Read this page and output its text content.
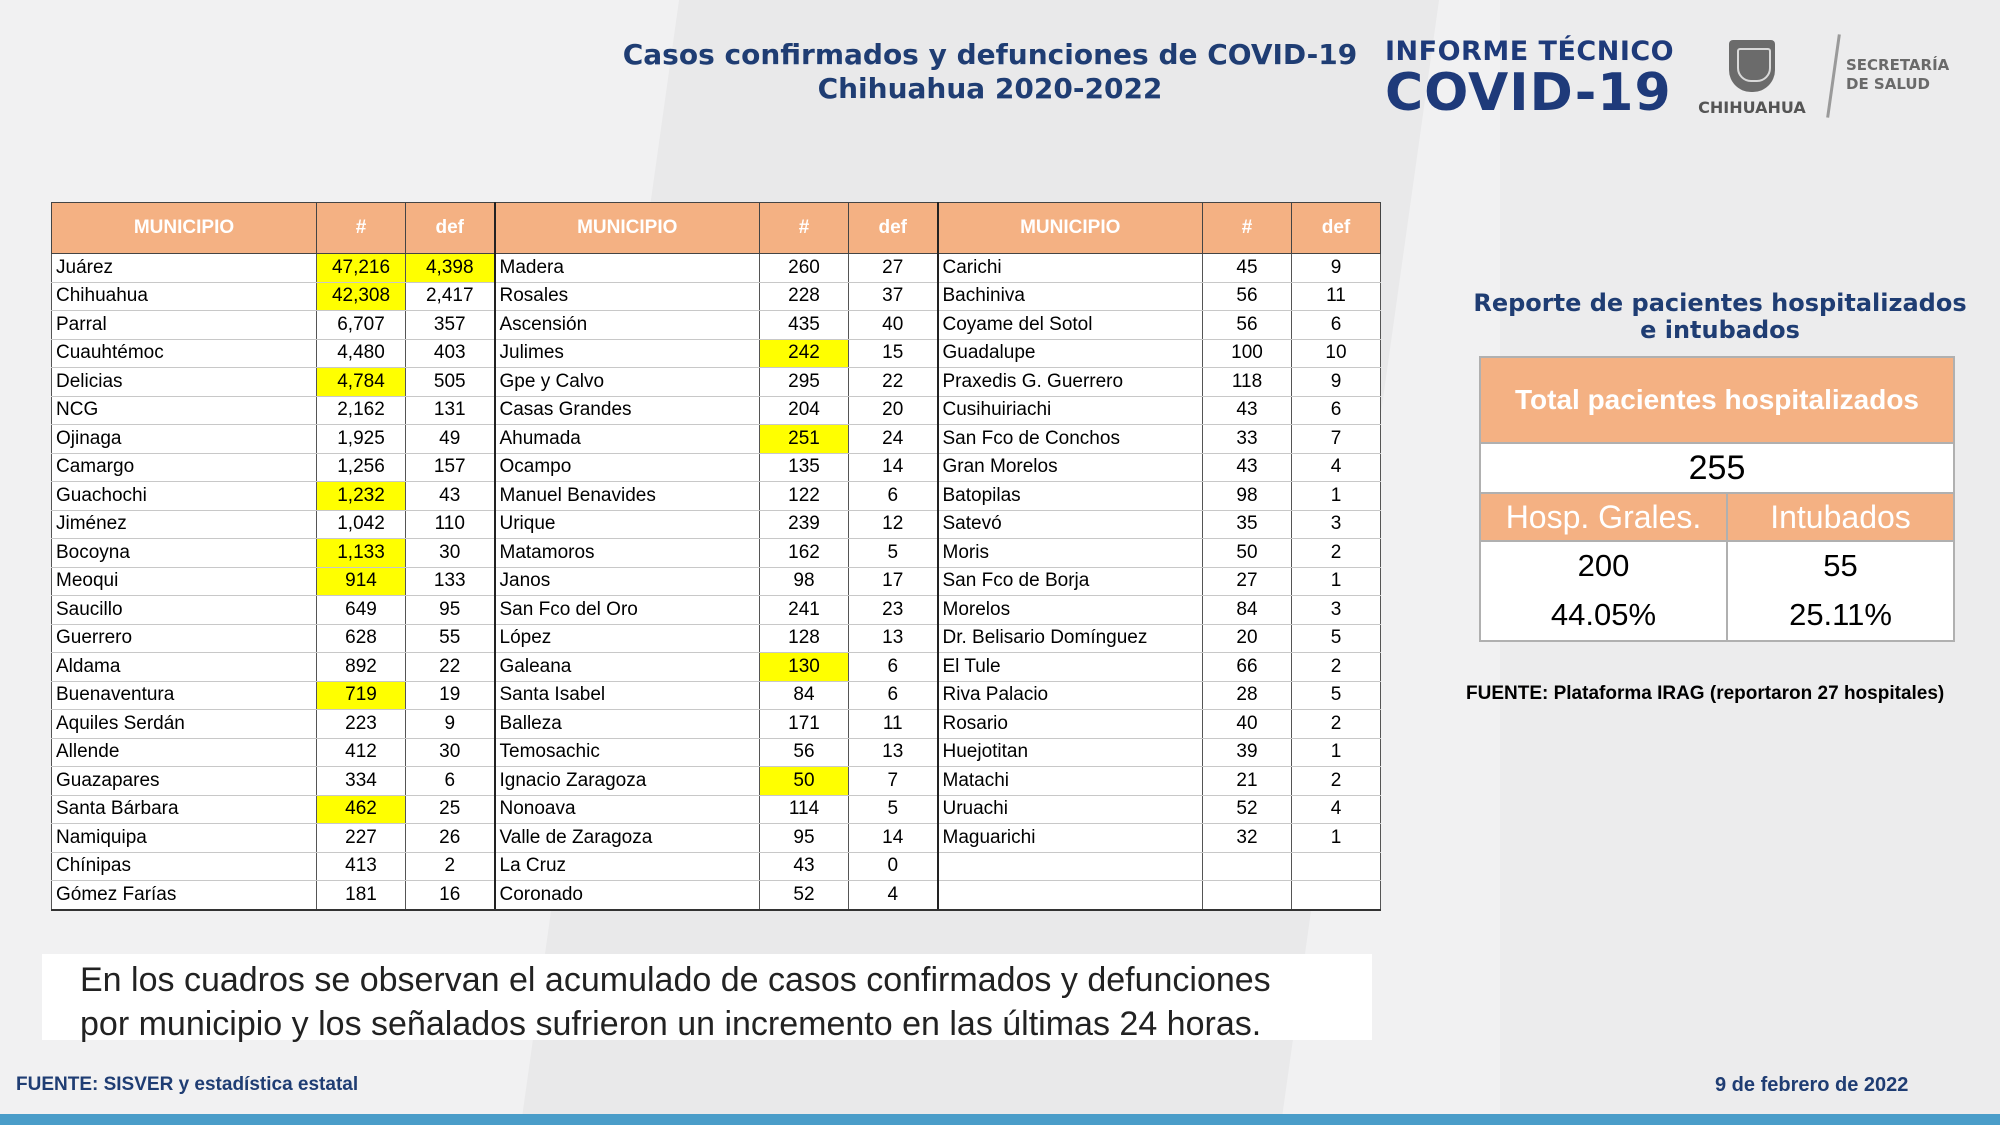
Casos confirmados y defunciones de COVID-19
Chihuahua 2020-2022
INFORME TÉCNICO
COVID-19	CHIHUAHUA
SECRETARÍA
DE SALUD
MUNICIPIO	#	def	MUNICIPIO	#	def	MUNICIPIO	#	def
Juárez	47,216	4,398	Madera	260	27	Carichi	45	9
Chihuahua	42,308	2,417	Rosales	228	37	Bachiniva	56	11
Parral	6,707	357	Ascensión	435	40	Coyame del Sotol	56	6
Cuauhtémoc	4,480	403	Julimes	242	15	Guadalupe	100	10
Delicias	4,784	505	Gpe y Calvo	295	22	Praxedis G. Guerrero	118	9
NCG	2,162	131	Casas Grandes	204	20	Cusihuiriachi	43	6
Ojinaga	1,925	49	Ahumada	251	24	San Fco de Conchos	33	7
Camargo	1,256	157	Ocampo	135	14	Gran Morelos	43	4
Guachochi	1,232	43	Manuel Benavides	122	6	Batopilas	98	1
Jiménez	1,042	110	Urique	239	12	Satevó	35	3
Bocoyna	1,133	30	Matamoros	162	5	Moris	50	2
Meoqui	914	133	Janos	98	17	San Fco de Borja	27	1
Saucillo	649	95	San Fco del Oro	241	23	Morelos	84	3
Guerrero	628	55	López	128	13	Dr. Belisario Domínguez	20	5
Aldama	892	22	Galeana	130	6	El Tule	66	2
Buenaventura	719	19	Santa Isabel	84	6	Riva Palacio	28	5
Aquiles Serdán	223	9	Balleza	171	11	Rosario	40	2
Allende	412	30	Temosachic	56	13	Huejotitan	39	1
Guazapares	334	6	Ignacio Zaragoza	50	7	Matachi	21	2
Santa Bárbara	462	25	Nonoava	114	5	Uruachi	52	4
Namiquipa	227	26	Valle de Zaragoza	95	14	Maguarichi	32	1
Chínipas	413	2	La Cruz	43	0			
Gómez Farías	181	16	Coronado	52	4			
Reporte de pacientes hospitalizados
e intubados
Total pacientes hospitalizados	
255	
Hosp. Grales.	Intubados
200	55
44.05%	25.11%
FUENTE: Plataforma IRAG (reportaron 27 hospitales)
En los cuadros se observan el acumulado de casos confirmados y defunciones
por municipio y los señalados sufrieron un incremento en las últimas 24 horas.
FUENTE: SISVER y estadística estatal	9 de febrero de 2022
